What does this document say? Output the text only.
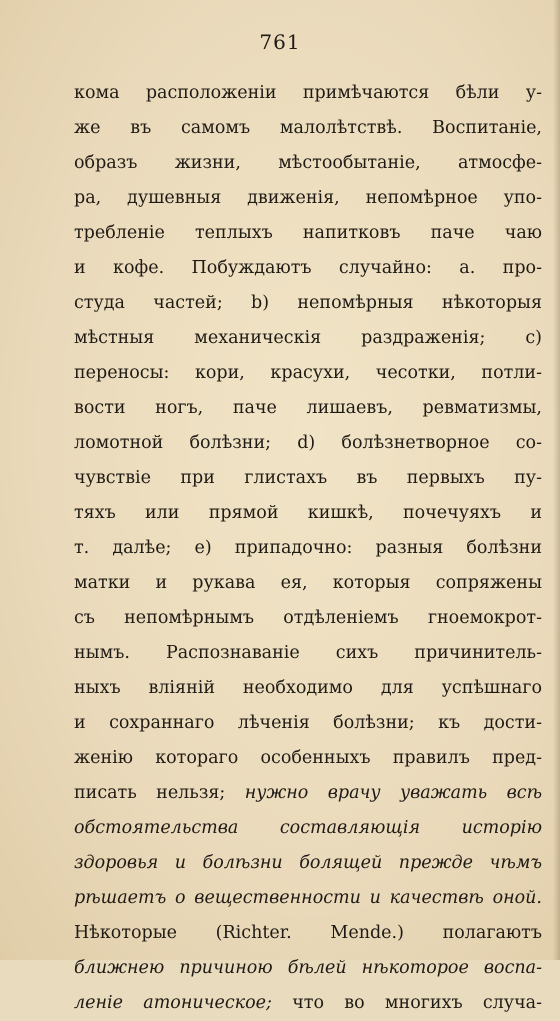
761
кома расположенiи примѣчаются бѣли у-
же въ самомъ малолѣтствѣ. Воспитанiе,
образъ жизни, мѣстообытанiе, атмосфе-
ра, душевныя движенiя, непомѣрное упо-
требленiе теплыхъ напитковъ паче чаю
и кофе. Побуждаютъ случайно: а. про-
студа частей; b) непомѣрныя нѣкоторыя
мѣстныя механическiя раздраженiя; с)
переносы: кори, красухи, чесотки, потли-
вости ногъ, паче лишаевъ, ревматизмы,
ломотной болѣзни; d) болѣзнетворное со-
чувствiе при глистахъ въ первыхъ пу-
тяхъ или прямой кишкѣ, почечуяхъ и
т. далѣе; е) припадочно: разныя болѣзни
матки и рукава ея, которыя сопряжены
съ непомѣрнымъ отдѣленiемъ гноемокрот-
нымъ. Распознаванiе сихъ причинитель-
ныхъ влiянiй необходимо для успѣшнаго
и сохраннаго лѣченiя болѣзни; къ дости-
женiю котораго особенныхъ правилъ пред-
писать нельзя; нужно врачу уважать всѣ
обстоятельства составляющiя исторiю
здоровья и болѣзни болящей прежде чѣмъ
рѣшаетъ о вещественности и качествѣ оной.
Нѣкоторые (Richter. Mende.) полагаютъ
ближнею причиною бѣлей нѣкоторое воспа-
ленiе атоническое; что во многихъ случа-
